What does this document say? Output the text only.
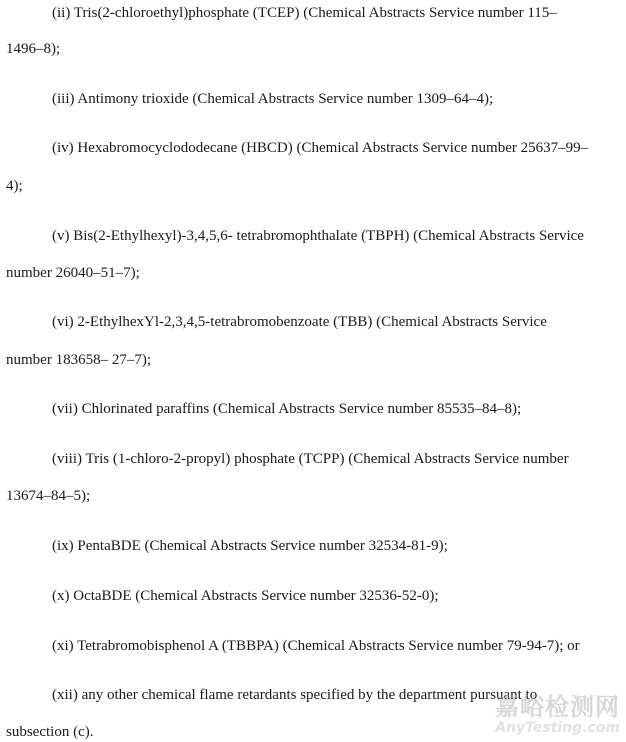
(ii) Tris(2-chloroethyl)phosphate (TCEP) (Chemical Abstracts Service number 115–
1496–8);
(iii) Antimony trioxide (Chemical Abstracts Service number 1309–64–4);
(iv) Hexabromocyclododecane (HBCD) (Chemical Abstracts Service number 25637–99–
4);
(v) Bis(2-Ethylhexyl)-3,4,5,6- tetrabromophthalate (TBPH) (Chemical Abstracts Service
number 26040–51–7);
(vi) 2-EthylhexYl-2,3,4,5-tetrabromobenzoate (TBB) (Chemical Abstracts Service
number 183658– 27–7);
(vii) Chlorinated paraffins (Chemical Abstracts Service number 85535–84–8);
(viii) Tris (1-chloro-2-propyl) phosphate (TCPP) (Chemical Abstracts Service number
13674–84–5);
(ix) PentaBDE (Chemical Abstracts Service number 32534-81-9);
(x) OctaBDE (Chemical Abstracts Service number 32536-52-0);
(xi) Tetrabromobisphenol A (TBBPA) (Chemical Abstracts Service number 79-94-7); or
(xii) any other chemical flame retardants specified by the department pursuant to
subsection (c).
嘉峪检测网
AnyTesting.com
